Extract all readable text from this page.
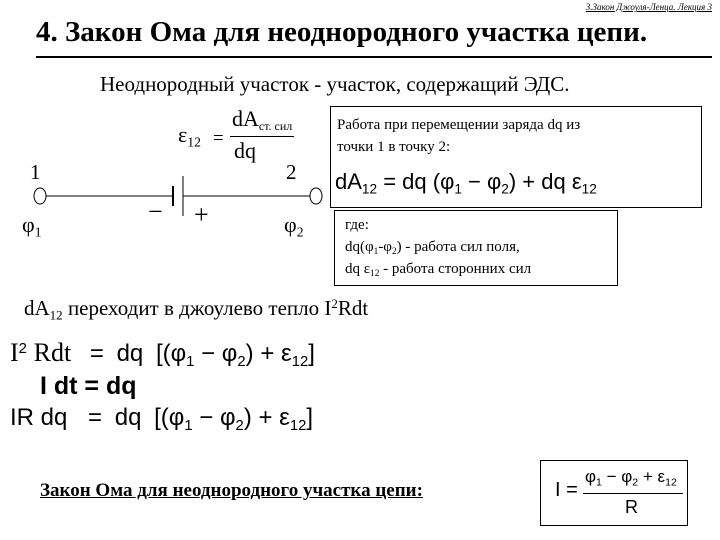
3.Закон Джоуля-Ленца. Лекция 3
4. Закон Ома для неоднородного участка цепи.
Неоднородный участок - участок, содержащий ЭДС.
$\varepsilon_{12}$ =
$dA_{ст. сил}$
dq
1	2
− +
$\varphi_1$	$\varphi_2$
Работа при перемещении заряда dq из
точки 1 в точку 2:
$dA_{12}$ = dq $(\varphi_1 - \varphi_2)$ + dq $\varepsilon_{12}$
где:
$dq(\varphi_1-\varphi_2)$ - работа сил поля,
dq $\varepsilon_{12}$ - работа сторонних сил
$dA_{12}$ переходит в джоулево тепло $I^2Rdt$
$I^2$ Rdt = dq $[(\varphi_1 - \varphi_2) + \varepsilon_{12}]$
I dt = dq
IR dq = dq $[(\varphi_1 - \varphi_2) + \varepsilon_{12}]$
Закон Ома для неоднородного участка цепи:	I =
$\varphi_1 - \varphi_2 + \varepsilon_{12}$
R
